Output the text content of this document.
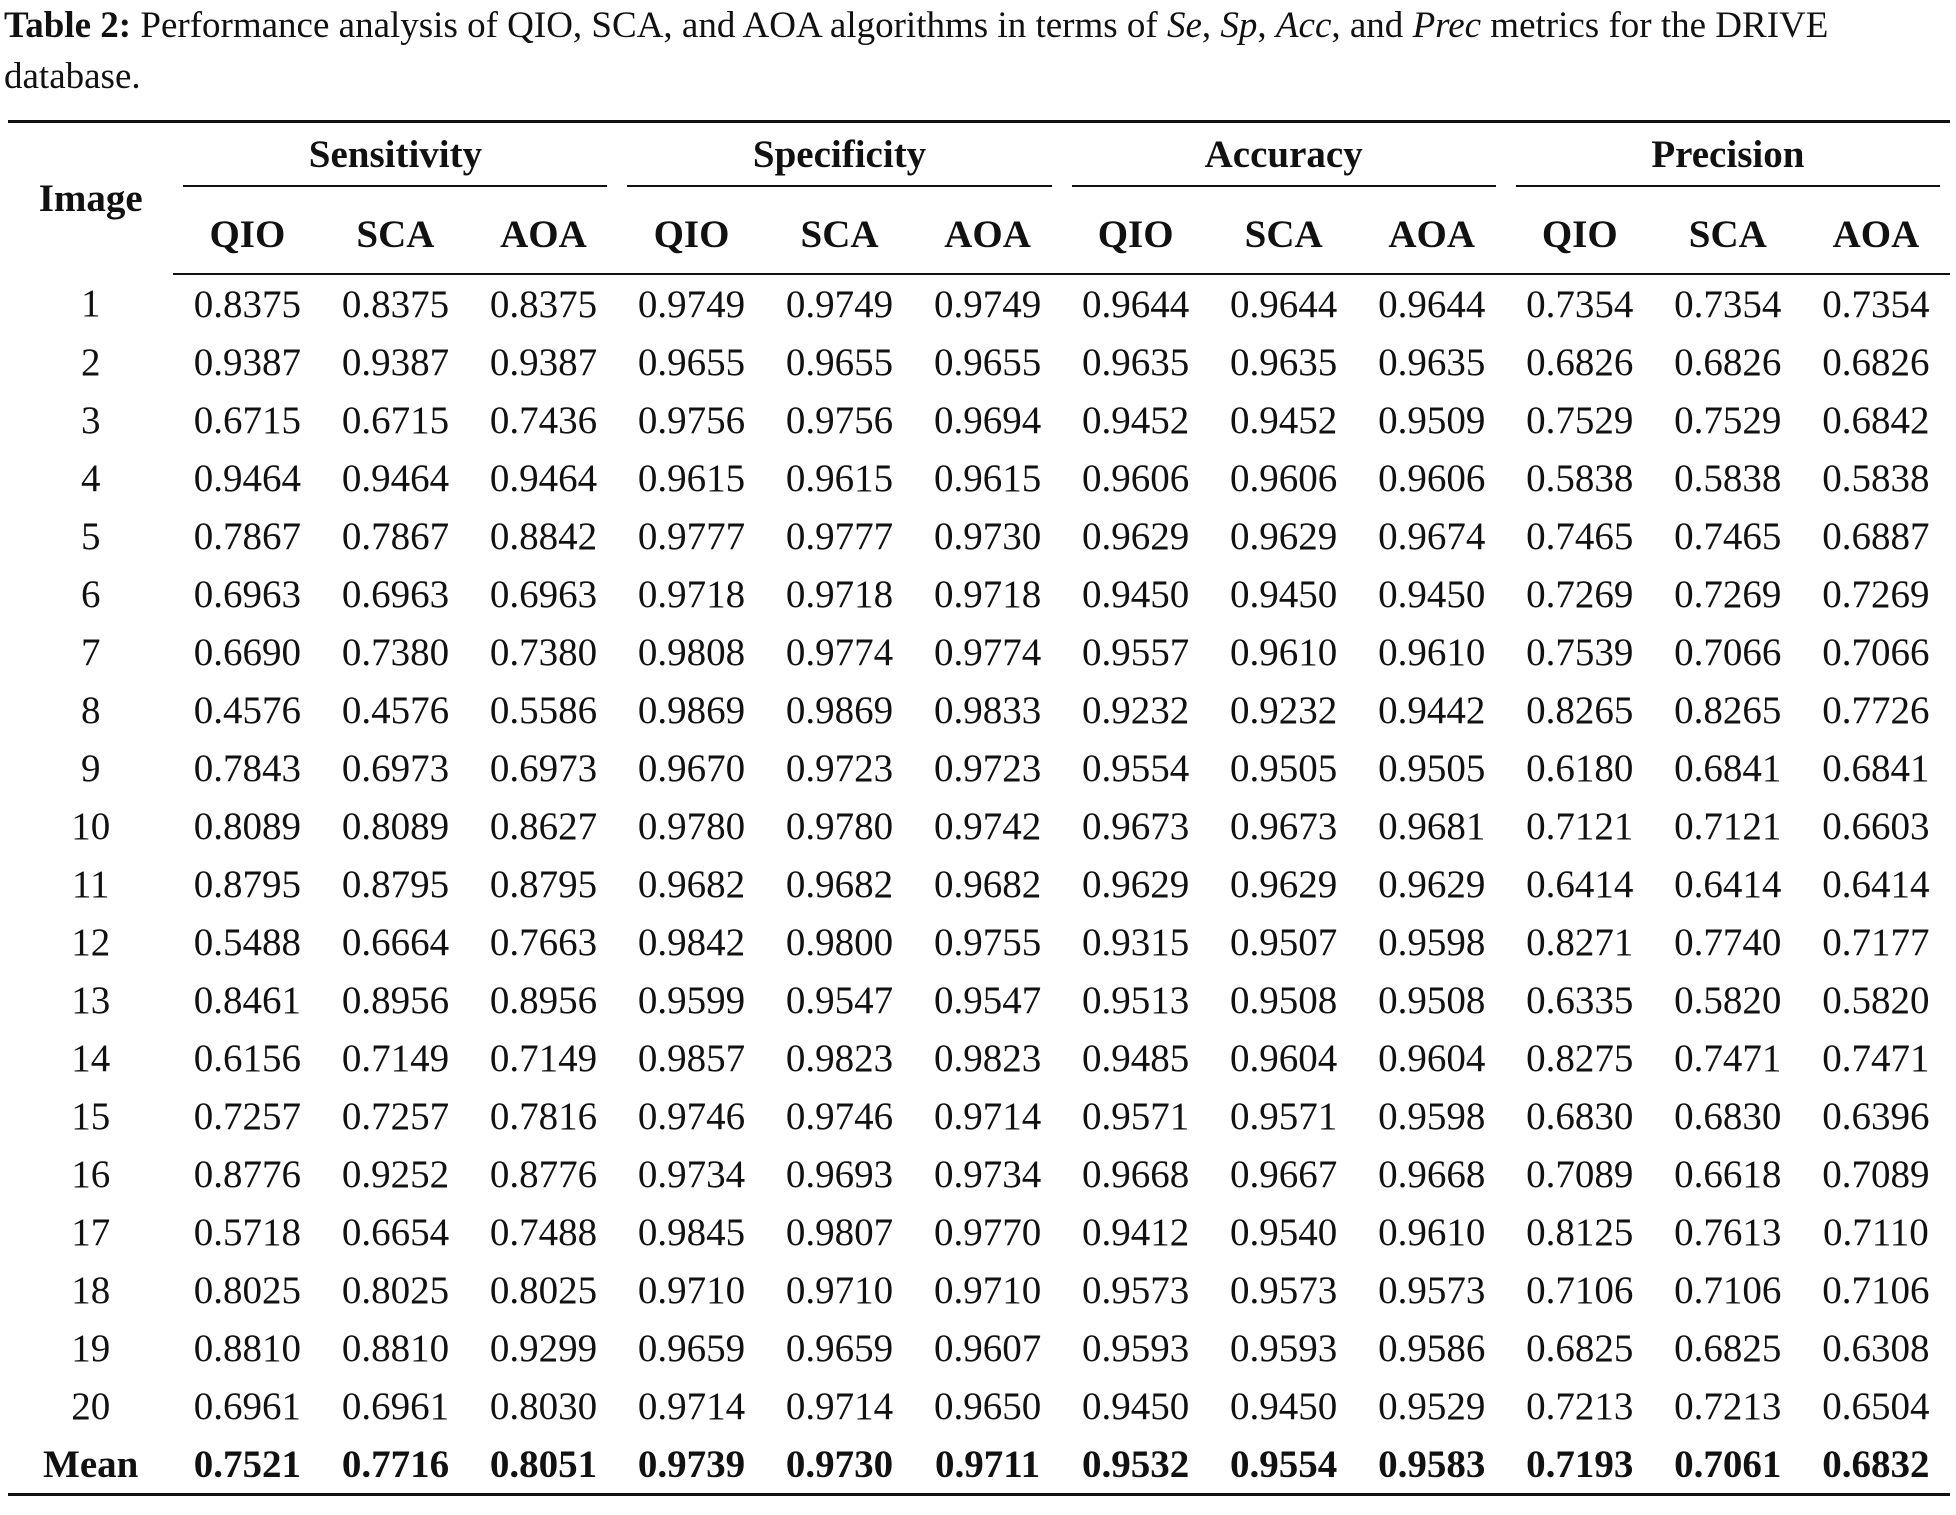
Table 2: Performance analysis of QIO, SCA, and AOA algorithms in terms of Se, Sp, Acc, and Prec metrics for the DRIVE database.
Image	Sensitivity			Specificity			Accuracy			Precision		

	QIO	SCA	AOA	QIO	SCA	AOA	QIO	SCA	AOA	QIO	SCA	AOA
1	0.8375	0.8375	0.8375	0.9749	0.9749	0.9749	0.9644	0.9644	0.9644	0.7354	0.7354	0.7354
2	0.9387	0.9387	0.9387	0.9655	0.9655	0.9655	0.9635	0.9635	0.9635	0.6826	0.6826	0.6826
3	0.6715	0.6715	0.7436	0.9756	0.9756	0.9694	0.9452	0.9452	0.9509	0.7529	0.7529	0.6842
4	0.9464	0.9464	0.9464	0.9615	0.9615	0.9615	0.9606	0.9606	0.9606	0.5838	0.5838	0.5838
5	0.7867	0.7867	0.8842	0.9777	0.9777	0.9730	0.9629	0.9629	0.9674	0.7465	0.7465	0.6887
6	0.6963	0.6963	0.6963	0.9718	0.9718	0.9718	0.9450	0.9450	0.9450	0.7269	0.7269	0.7269
7	0.6690	0.7380	0.7380	0.9808	0.9774	0.9774	0.9557	0.9610	0.9610	0.7539	0.7066	0.7066
8	0.4576	0.4576	0.5586	0.9869	0.9869	0.9833	0.9232	0.9232	0.9442	0.8265	0.8265	0.7726
9	0.7843	0.6973	0.6973	0.9670	0.9723	0.9723	0.9554	0.9505	0.9505	0.6180	0.6841	0.6841
10	0.8089	0.8089	0.8627	0.9780	0.9780	0.9742	0.9673	0.9673	0.9681	0.7121	0.7121	0.6603
11	0.8795	0.8795	0.8795	0.9682	0.9682	0.9682	0.9629	0.9629	0.9629	0.6414	0.6414	0.6414
12	0.5488	0.6664	0.7663	0.9842	0.9800	0.9755	0.9315	0.9507	0.9598	0.8271	0.7740	0.7177
13	0.8461	0.8956	0.8956	0.9599	0.9547	0.9547	0.9513	0.9508	0.9508	0.6335	0.5820	0.5820
14	0.6156	0.7149	0.7149	0.9857	0.9823	0.9823	0.9485	0.9604	0.9604	0.8275	0.7471	0.7471
15	0.7257	0.7257	0.7816	0.9746	0.9746	0.9714	0.9571	0.9571	0.9598	0.6830	0.6830	0.6396
16	0.8776	0.9252	0.8776	0.9734	0.9693	0.9734	0.9668	0.9667	0.9668	0.7089	0.6618	0.7089
17	0.5718	0.6654	0.7488	0.9845	0.9807	0.9770	0.9412	0.9540	0.9610	0.8125	0.7613	0.7110
18	0.8025	0.8025	0.8025	0.9710	0.9710	0.9710	0.9573	0.9573	0.9573	0.7106	0.7106	0.7106
19	0.8810	0.8810	0.9299	0.9659	0.9659	0.9607	0.9593	0.9593	0.9586	0.6825	0.6825	0.6308
20	0.6961	0.6961	0.8030	0.9714	0.9714	0.9650	0.9450	0.9450	0.9529	0.7213	0.7213	0.6504
Mean	0.7521	0.7716	0.8051	0.9739	0.9730	0.9711	0.9532	0.9554	0.9583	0.7193	0.7061	0.6832
